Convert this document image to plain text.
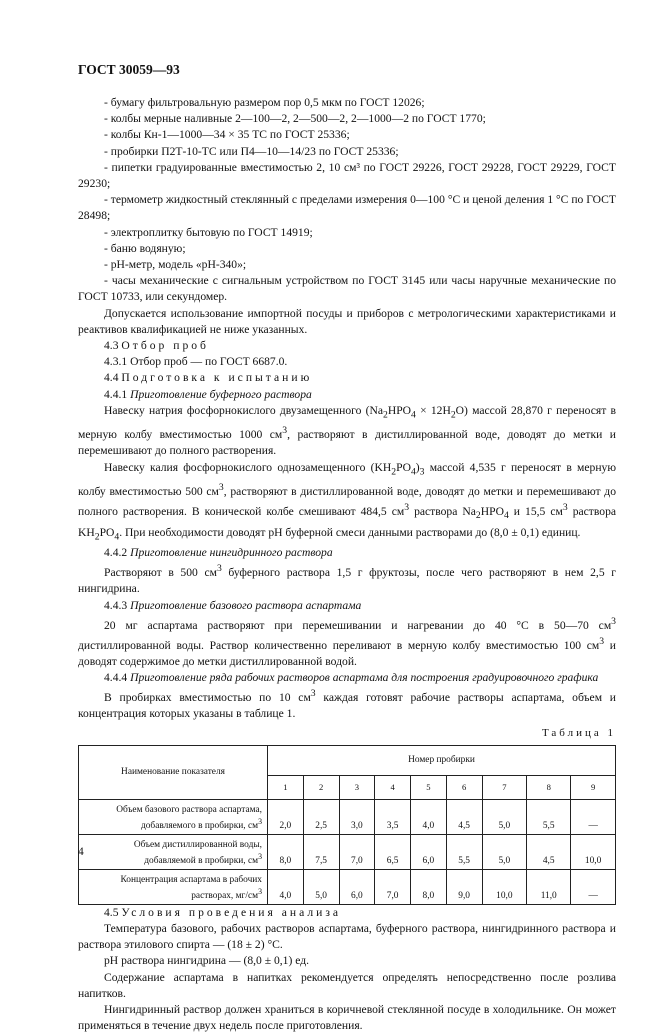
ГОСТ 30059—93

- бумагу фильтровальную размером пор 0,5 мкм по ГОСТ 12026;

- колбы мерные наливные 2—100—2, 2—500—2, 2—1000—2 по ГОСТ 1770;

- колбы Кн-1—1000—34 × 35 ТС по ГОСТ 25336;

- пробирки П2Т-10-ТС или П4—10—14/23 по ГОСТ 25336;

- пипетки градуированные вместимостью 2, 10 см³ по ГОСТ 29226, ГОСТ 29228, ГОСТ 29229, ГОСТ 29230;

- термометр жидкостный стеклянный с пределами измерения 0—100 °С и ценой деления 1 °С по ГОСТ 28498;

- электроплитку бытовую по ГОСТ 14919;

- баню водяную;

- pH-метр, модель «pH-340»;

- часы механические с сигнальным устройством по ГОСТ 3145 или часы наручные механические по ГОСТ 10733, или секундомер.

Допускается использование импортной посуды и приборов с метрологическими характеристиками и реактивов квалификацией не ниже указанных.

4.3 Отбор проб

4.3.1 Отбор проб — по ГОСТ 6687.0.

4.4 Подготовка к испытанию

4.4.1 Приготовление буферного раствора

Навеску натрия фосфорнокислого двузамещенного $(Na_2HPO_4 \times 12H_2O)$ массой 28,870 г переносят в мерную колбу вместимостью 1000 $см^3$, растворяют в дистиллированной воде, доводят до метки и перемешивают до полного растворения.

Навеску калия фосфорнокислого однозамещенного $(KH_2PO_4)_3$ массой 4,535 г переносят в мерную колбу вместимостью 500 $см^3$, растворяют в дистиллированной воде, доводят до метки и перемешивают до полного растворения. В конической колбе смешивают 484,5 $см^3$ раствора $Na_2HPO_4$ и 15,5 $см^3$ раствора $KH_2PO_4$. При необходимости доводят pH буферной смеси данными растворами до (8,0 ± 0,1) единиц.

4.4.2 Приготовление нингидринного раствора

Растворяют в 500 $см^3$ буферного раствора 1,5 г фруктозы, после чего растворяют в нем 2,5 г нингидрина.

4.4.3 Приготовление базового раствора аспартама

20 мг аспартама растворяют при перемешивании и нагревании до 40 °C в 50—70 $см^3$ дистиллированной воды. Раствор количественно переливают в мерную колбу вместимостью 100 $см^3$ и доводят содержимое до метки дистиллированной водой.

4.4.4 Приготовление ряда рабочих растворов аспартама для построения градуировочного графика

В пробирках вместимостью по 10 $см^3$ каждая готовят рабочие растворы аспартама, объем и концентрация которых указаны в таблице 1.

Таблица 1
Наименование показателя	Номер пробирки								
	1	2	3	4	5	6	7	8	9
Объем базового раствора аспартама, добавляемого в пробирки, $см^3$	2,0	2,5	3,0	3,5	4,0	4,5	5,0	5,5	—
Объем дистиллированной воды, добавляемой в пробирки, $см^3$	8,0	7,5	7,0	6,5	6,0	5,5	5,0	4,5	10,0
Концентрация аспартама в рабочих растворах, $мг/см^3$	4,0	5,0	6,0	7,0	8,0	9,0	10,0	11,0	—

4.5 Условия проведения анализа

Температура базового, рабочих растворов аспартама, буферного раствора, нингидринного раствора и раствора этилового спирта — (18 ± 2) °С.

pH раствора нингидрина — (8,0 ± 0,1) ед.

Содержание аспартама в напитках рекомендуется определять непосредственно после розлива напитков.

Нингидринный раствор должен храниться в коричневой стеклянной посуде в холодильнике. Он может применяться в течение двух недель после приготовления.

4
